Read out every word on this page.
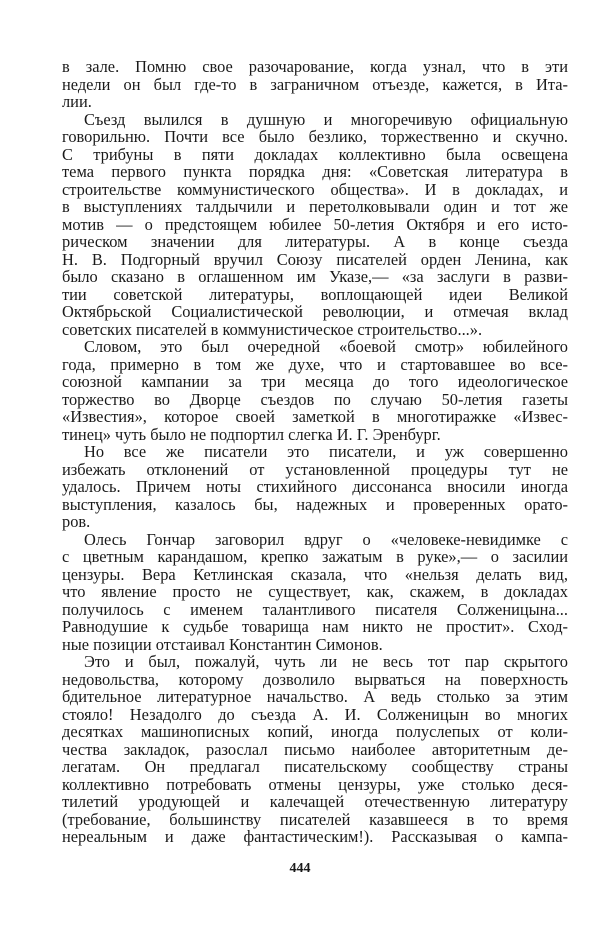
в зале. Помню свое разочарование, когда узнал, что в эти
недели он был где-то в заграничном отъезде, кажется, в Ита-
лии.
Съезд вылился в душную и многоречивую официальную
говорильню. Почти все было безлико, торжественно и скучно.
С трибуны в пяти докладах коллективно была освещена
тема первого пункта порядка дня: «Советская литература в
строительстве коммунистического общества». И в докладах, и
в выступлениях талдычили и перетолковывали один и тот же
мотив — о предстоящем юбилее 50-летия Октября и его исто-
рическом значении для литературы. А в конце съезда
Н. В. Подгорный вручил Союзу писателей орден Ленина, как
было сказано в оглашенном им Указе,— «за заслуги в разви-
тии советской литературы, воплощающей идеи Великой
Октябрьской Социалистической революции, и отмечая вклад
советских писателей в коммунистическое строительство...».
Словом, это был очередной «боевой смотр» юбилейного
года, примерно в том же духе, что и стартовавшее во все-
союзной кампании за три месяца до того идеологическое
торжество во Дворце съездов по случаю 50-летия газеты
«Известия», которое своей заметкой в многотиражке «Извес-
тинец» чуть было не подпортил слегка И. Г. Эренбург.
Но все же писатели это писатели, и уж совершенно
избежать отклонений от установленной процедуры тут не
удалось. Причем ноты стихийного диссонанса вносили иногда
выступления, казалось бы, надежных и проверенных орато-
ров.
Олесь Гончар заговорил вдруг о «человеке-невидимке с
с цветным карандашом, крепко зажатым в руке»,— о засилии
цензуры. Вера Кетлинская сказала, что «нельзя делать вид,
что явление просто не существует, как, скажем, в докладах
получилось с именем талантливого писателя Солженицына...
Равнодушие к судьбе товарища нам никто не простит». Сход-
ные позиции отстаивал Константин Симонов.
Это и был, пожалуй, чуть ли не весь тот пар скрытого
недовольства, которому дозволило вырваться на поверхность
бдительное литературное начальство. А ведь столько за этим
стояло! Незадолго до съезда А. И. Солженицын во многих
десятках машинописных копий, иногда полуслепых от коли-
чества закладок, разослал письмо наиболее авторитетным де-
легатам. Он предлагал писательскому сообществу страны
коллективно потребовать отмены цензуры, уже столько деся-
тилетий уродующей и калечащей отечественную литературу
(требование, большинству писателей казавшееся в то время
нереальным и даже фантастическим!). Рассказывая о кампа-
444
